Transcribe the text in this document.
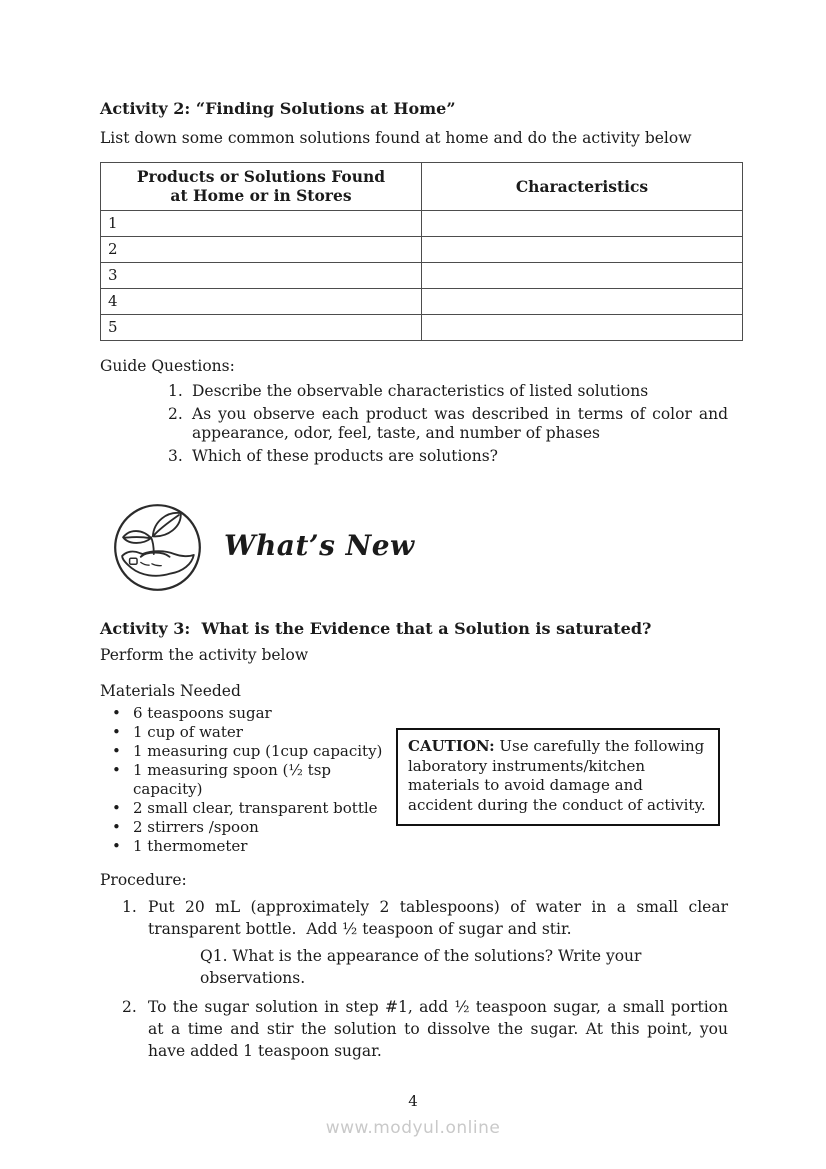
Activity 2: “Finding Solutions at Home”
List down some common solutions found at home and do the activity below
Products or Solutions Found at Home or in Stores	Characteristics
1	
2	
3	
4	
5	
Guide Questions:
1. Describe the observable characteristics of listed solutions
2. As you observe each product was described in terms of color and appearance, odor, feel, taste, and number of phases
3. Which of these products are solutions?
What’s New
Activity 3:  What is the Evidence that a Solution is saturated?
Perform the activity below
Materials Needed
• 6 teaspoons sugar
• 1 cup of water
• 1 measuring cup (1cup capacity)
• 1 measuring spoon (½ tsp capacity)
• 2 small clear, transparent bottle
• 2 stirrers /spoon
• 1 thermometer
CAUTION: Use carefully the following laboratory instruments/kitchen materials to avoid damage and accident during the conduct of activity.
Procedure:
1. Put 20 mL (approximately 2 tablespoons) of water in a small clear transparent bottle.  Add ½ teaspoon of sugar and stir.
Q1. What is the appearance of the solutions? Write your observations.
2. To the sugar solution in step #1, add ½ teaspoon sugar, a small portion at a time and stir the solution to dissolve the sugar. At this point, you have added 1 teaspoon sugar.
4
www.modyul.online
